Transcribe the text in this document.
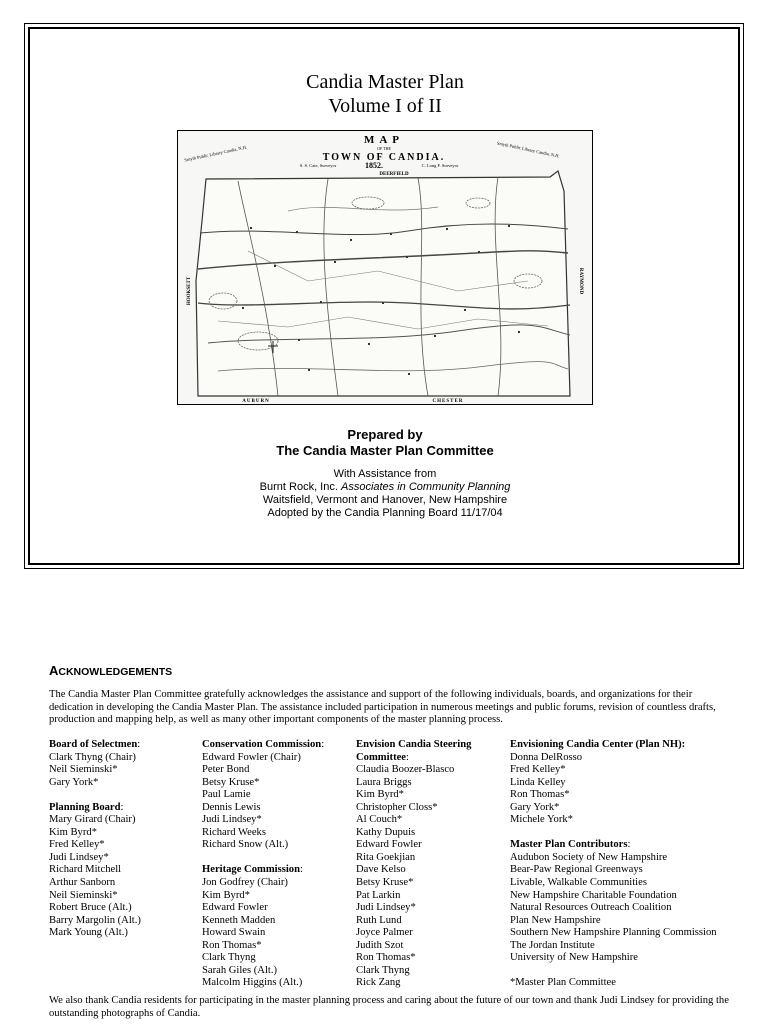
Candia Master Plan
Volume I of II
MAP
OF THE
TOWN OF CANDIA.
1852.
S. S. Cate, Surveyor	C. Long F. Surveyor
DEERFIELD
Smyth Public Library Candia, N.H.	Smyth Public Library Candia, N.H.
HOOKSETT	RAYMOND
AUBURN	CHESTER
Prepared by
The Candia Master Plan Committee
With Assistance from
Burnt Rock, Inc. Associates in Community Planning
Waitsfield, Vermont and Hanover, New Hampshire
Adopted by the Candia Planning Board 11/17/04
ACKNOWLEDGEMENTS
The Candia Master Plan Committee gratefully acknowledges the assistance and support of the following individuals, boards, and organizations for their dedication in developing the Candia Master Plan. The assistance included participation in numerous meetings and public forums, revision of countless drafts, production and mapping help, as well as many other important components of the master planning process.
Board of Selectmen:
Clark Thyng (Chair)
Neil Sieminski*
Gary York*
Planning Board:
Mary Girard (Chair)
Kim Byrd*
Fred Kelley*
Judi Lindsey*
Richard Mitchell
Arthur Sanborn
Neil Sieminski*
Robert Bruce (Alt.)
Barry Margolin (Alt.)
Mark Young (Alt.)
Conservation Commission:
Edward Fowler (Chair)
Peter Bond
Betsy Kruse*
Paul Lamie
Dennis Lewis
Judi Lindsey*
Richard Weeks
Richard Snow (Alt.)
Heritage Commission:
Jon Godfrey (Chair)
Kim Byrd*
Edward Fowler
Kenneth Madden
Howard Swain
Ron Thomas*
Clark Thyng
Sarah Giles (Alt.)
Malcolm Higgins (Alt.)
Envision Candia Steering
Committee:
Claudia Boozer-Blasco
Laura Briggs
Kim Byrd*
Christopher Closs*
Al Couch*
Kathy Dupuis
Edward Fowler
Rita Goekjian
Dave Kelso
Betsy Kruse*
Pat Larkin
Judi Lindsey*
Ruth Lund
Joyce Palmer
Judith Szot
Ron Thomas*
Clark Thyng
Rick Zang
Envisioning Candia Center (Plan NH):
Donna DelRosso
Fred Kelley*
Linda Kelley
Ron Thomas*
Gary York*
Michele York*
Master Plan Contributors:
Audubon Society of New Hampshire
Bear-Paw Regional Greenways
Livable, Walkable Communities
New Hampshire Charitable Foundation
Natural Resources Outreach Coalition
Plan New Hampshire
Southern New Hampshire Planning Commission
The Jordan Institute
University of New Hampshire
*Master Plan Committee
We also thank Candia residents for participating in the master planning process and caring about the future of our town and thank Judi Lindsey for providing the outstanding photographs of Candia.
